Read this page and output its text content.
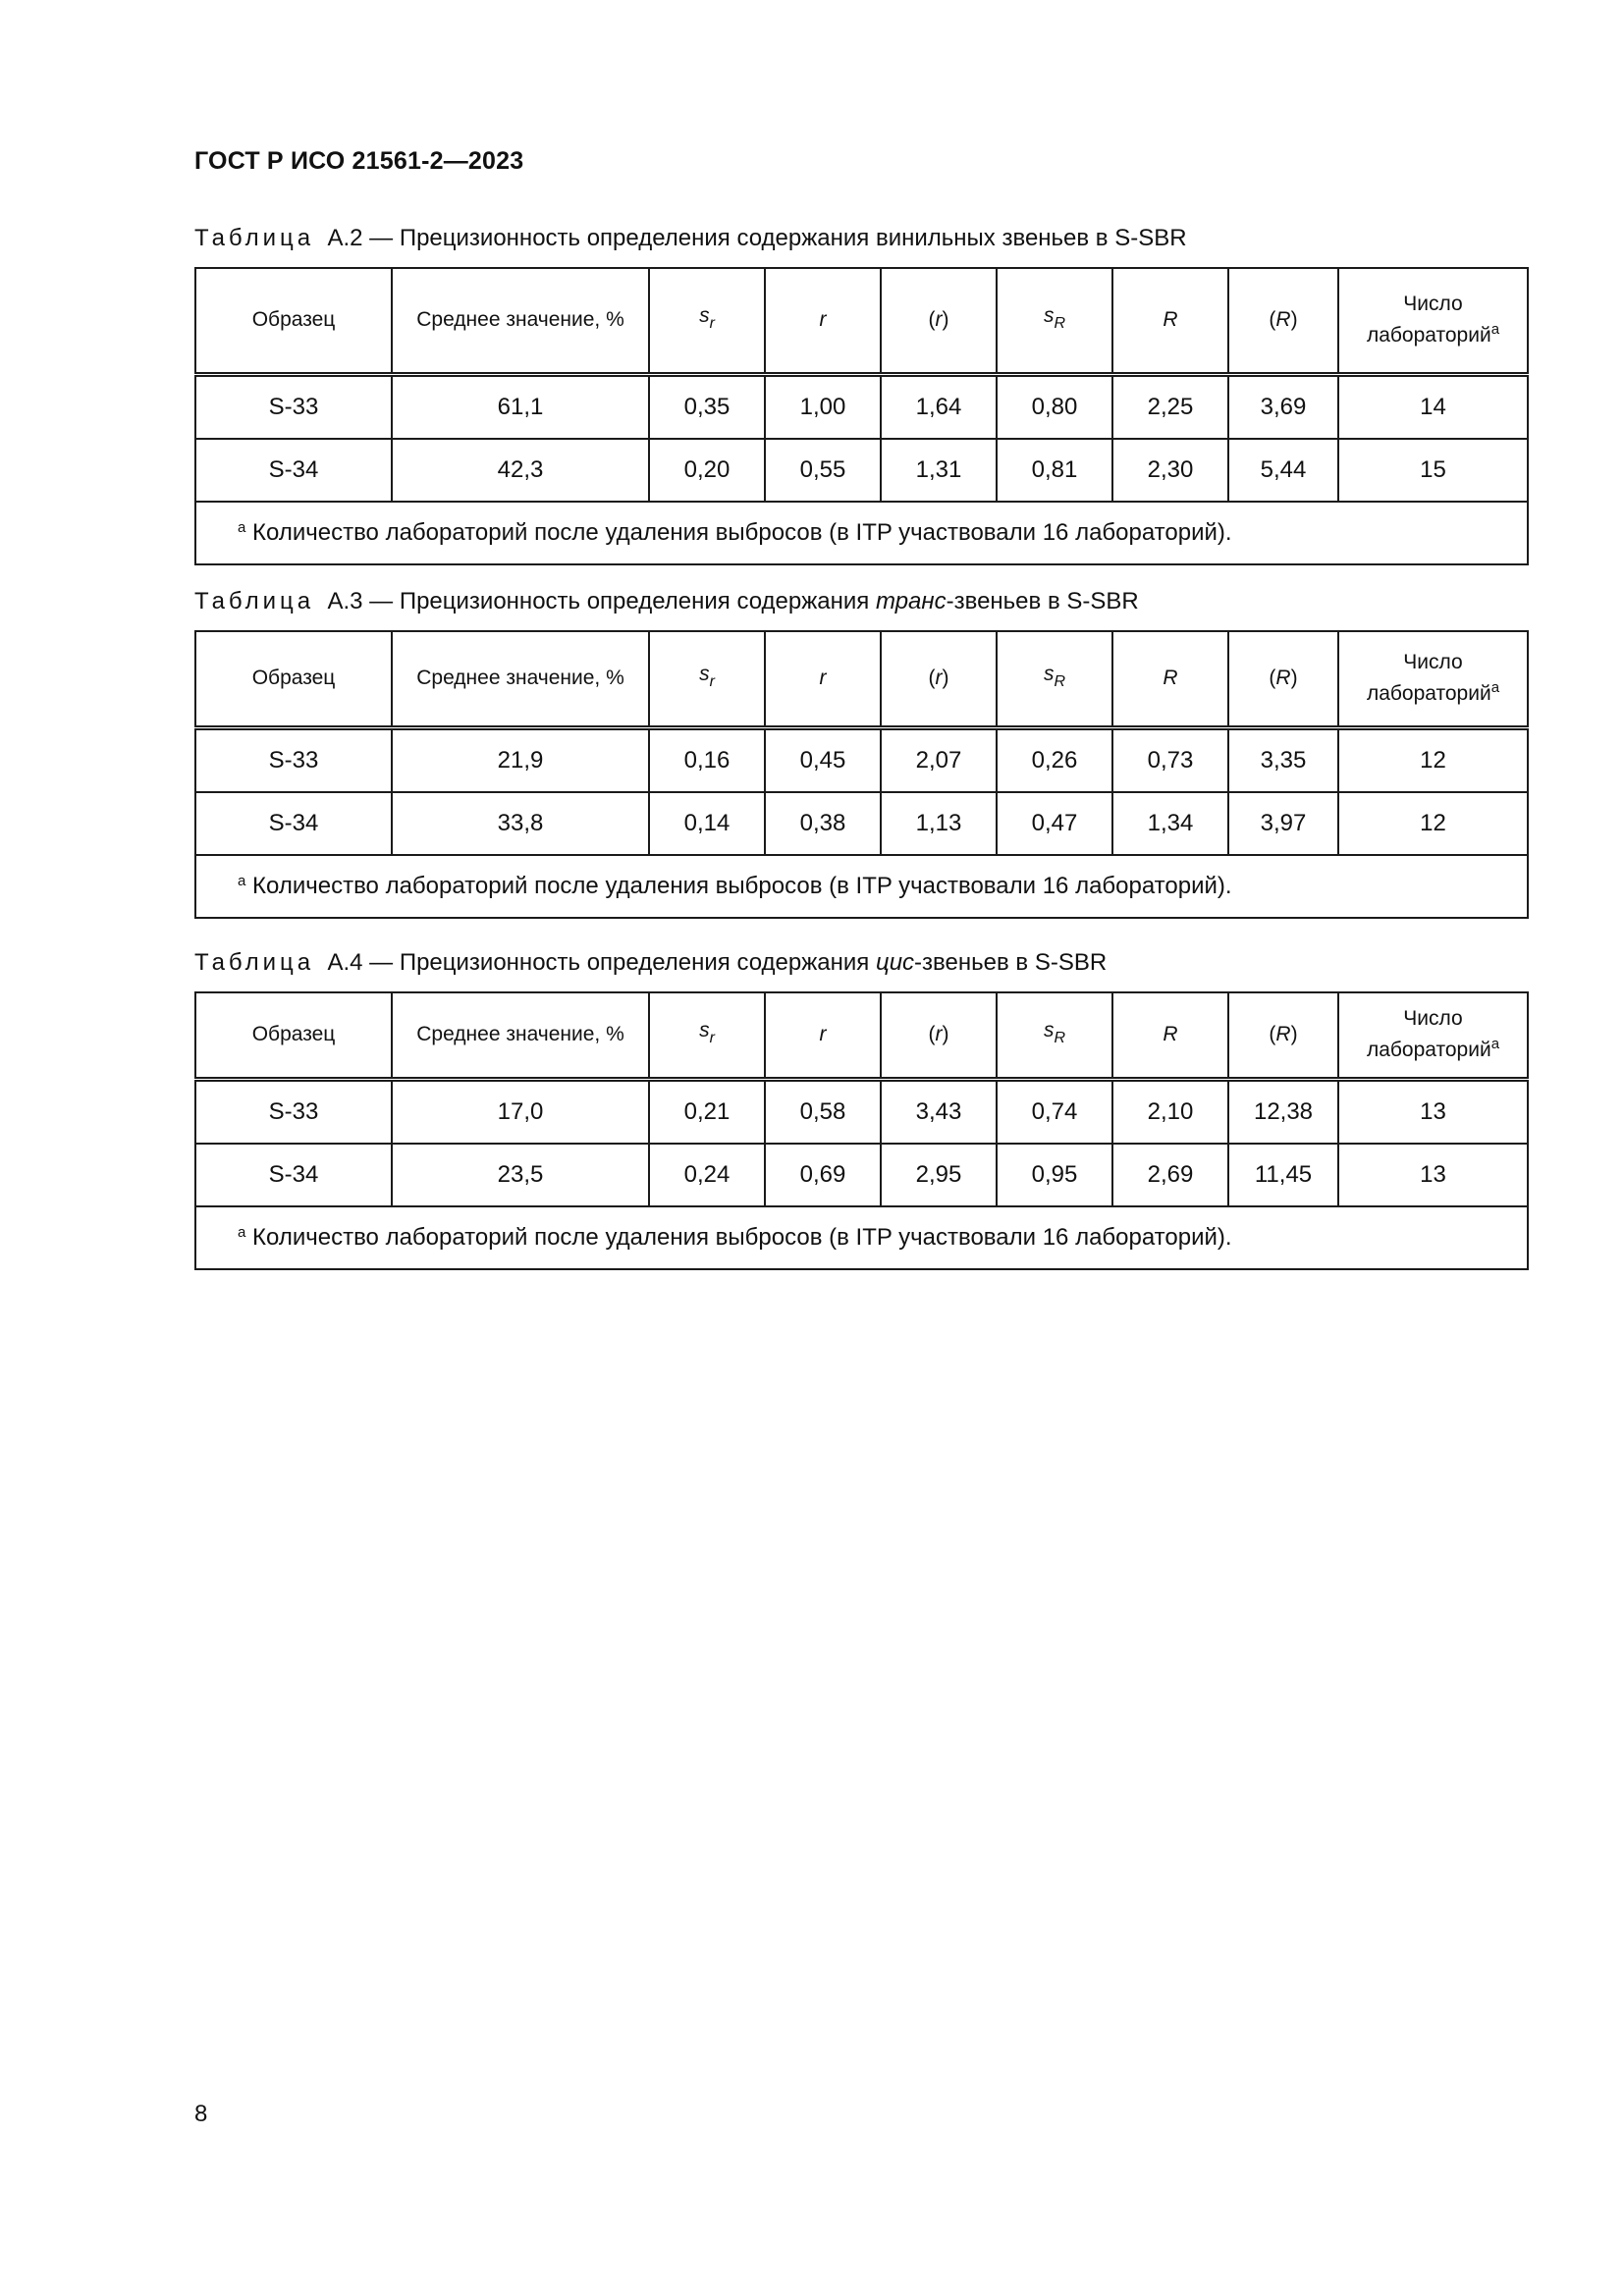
ГОСТ Р ИСО 21561-2—2023
Таблица А.2 — Прецизионность определения содержания винильных звеньев в S-SBR
Образец	Среднее значение, %	$s_r$	r	(r)	$s_R$	R	(R)	Число лабораторий$^a$
S-33	61,1	0,35	1,00	1,64	0,80	2,25	3,69	14
S-34	42,3	0,20	0,55	1,31	0,81	2,30	5,44	15
$^a$ Количество лабораторий после удаления выбросов (в ITP участвовали 16 лабораторий).								
Таблица А.3 — Прецизионность определения содержания транс-звеньев в S-SBR
Образец	Среднее значение, %	$s_r$	r	(r)	$s_R$	R	(R)	Число лабораторий$^a$
S-33	21,9	0,16	0,45	2,07	0,26	0,73	3,35	12
S-34	33,8	0,14	0,38	1,13	0,47	1,34	3,97	12
$^a$ Количество лабораторий после удаления выбросов (в ITP участвовали 16 лабораторий).								
Таблица А.4 — Прецизионность определения содержания цис-звеньев в S-SBR
Образец	Среднее значение, %	$s_r$	r	(r)	$s_R$	R	(R)	Число лабораторий$^a$
S-33	17,0	0,21	0,58	3,43	0,74	2,10	12,38	13
S-34	23,5	0,24	0,69	2,95	0,95	2,69	11,45	13
$^a$ Количество лабораторий после удаления выбросов (в ITP участвовали 16 лабораторий).								
8
